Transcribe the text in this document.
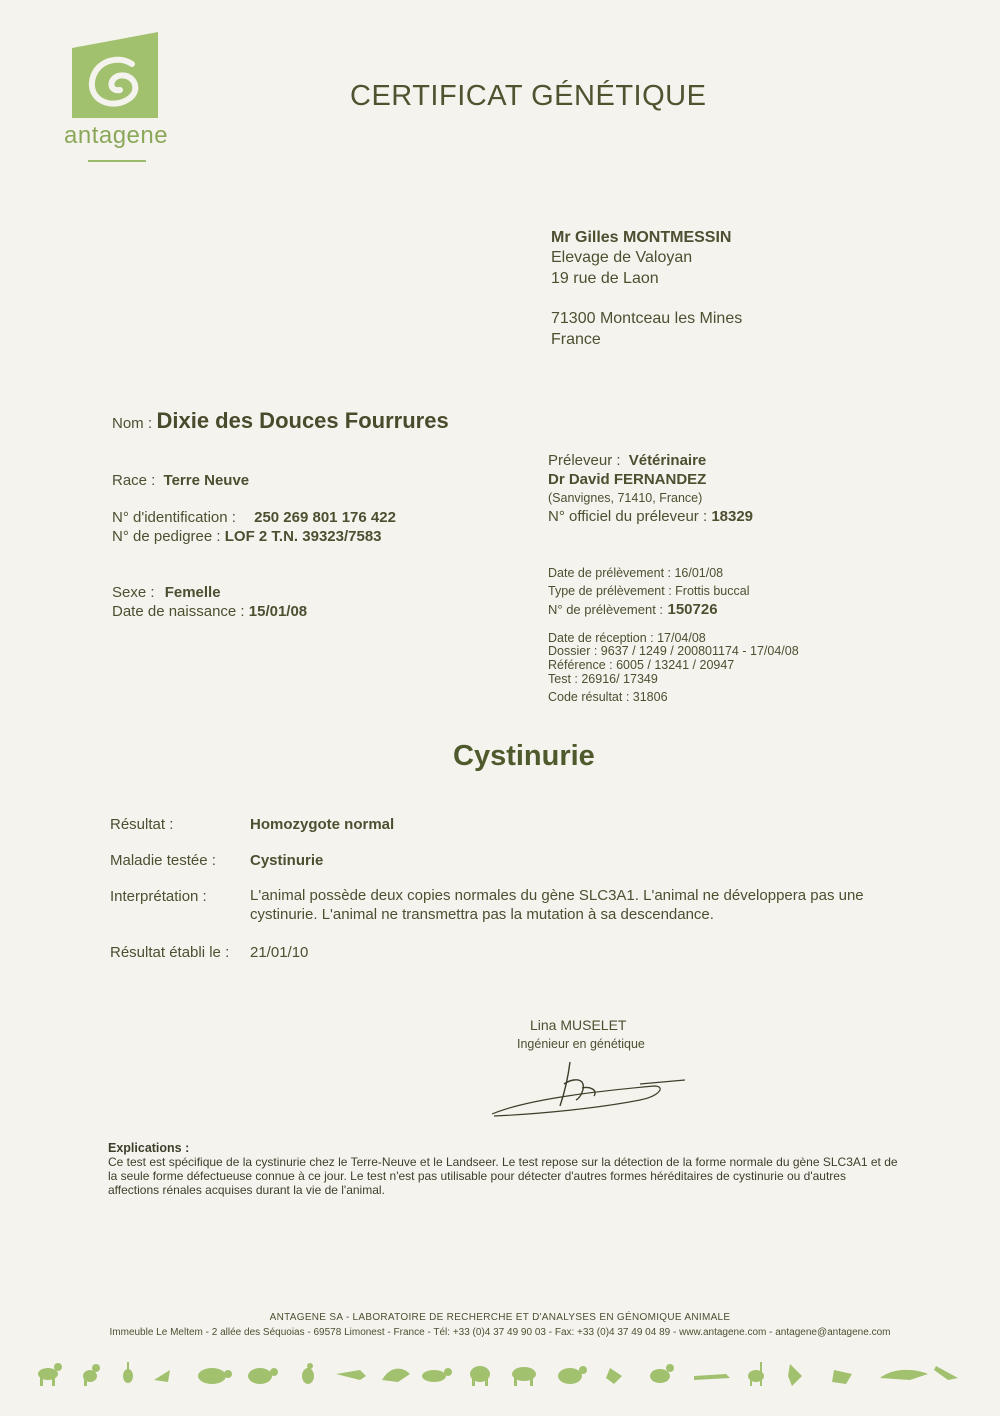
antagene
CERTIFICAT GÉNÉTIQUE
Mr Gilles MONTMESSIN
Elevage de Valoyan
19 rue de Laon
71300 Montceau les Mines
France
Nom : Dixie des Douces Fourrures
Race : Terre Neuve
N° d'identification : 250 269 801 176 422
N° de pedigree : LOF 2 T.N. 39323/7583
Sexe : Femelle
Date de naissance : 15/01/08
Préleveur : Vétérinaire
Dr David FERNANDEZ
(Sanvignes, 71410, France)
N° officiel du préleveur : 18329
Date de prélèvement : 16/01/08
Type de prélèvement : Frottis buccal
N° de prélèvement : 150726
Date de réception : 17/04/08
Dossier : 9637 / 1249 / 200801174 - 17/04/08
Référence : 6005 / 13241 / 20947
Test : 26916/ 17349
Code résultat : 31806
Cystinurie
Résultat :	Homozygote normal
Maladie testée : Cystinurie
Interprétation :	L'animal possède deux copies normales du gène SLC3A1. L'animal ne développera pas une
cystinurie. L'animal ne transmettra pas la mutation à sa descendance.
Résultat établi le : 21/01/10
Lina MUSELET
Ingénieur en génétique
Explications :
Ce test est spécifique de la cystinurie chez le Terre-Neuve et le Landseer. Le test repose sur la détection de la forme normale du gène SLC3A1 et de
la seule forme défectueuse connue à ce jour. Le test n'est pas utilisable pour détecter d'autres formes héréditaires de cystinurie ou d'autres
affections rénales acquises durant la vie de l'animal.
ANTAGENE SA - LABORATOIRE DE RECHERCHE ET D'ANALYSES EN GÉNOMIQUE ANIMALE
Immeuble Le Meltem - 2 allée des Séquoias - 69578 Limonest - France - Tél: +33 (0)4 37 49 90 03 - Fax: +33 (0)4 37 49 04 89 - www.antagene.com - antagene@antagene.com
